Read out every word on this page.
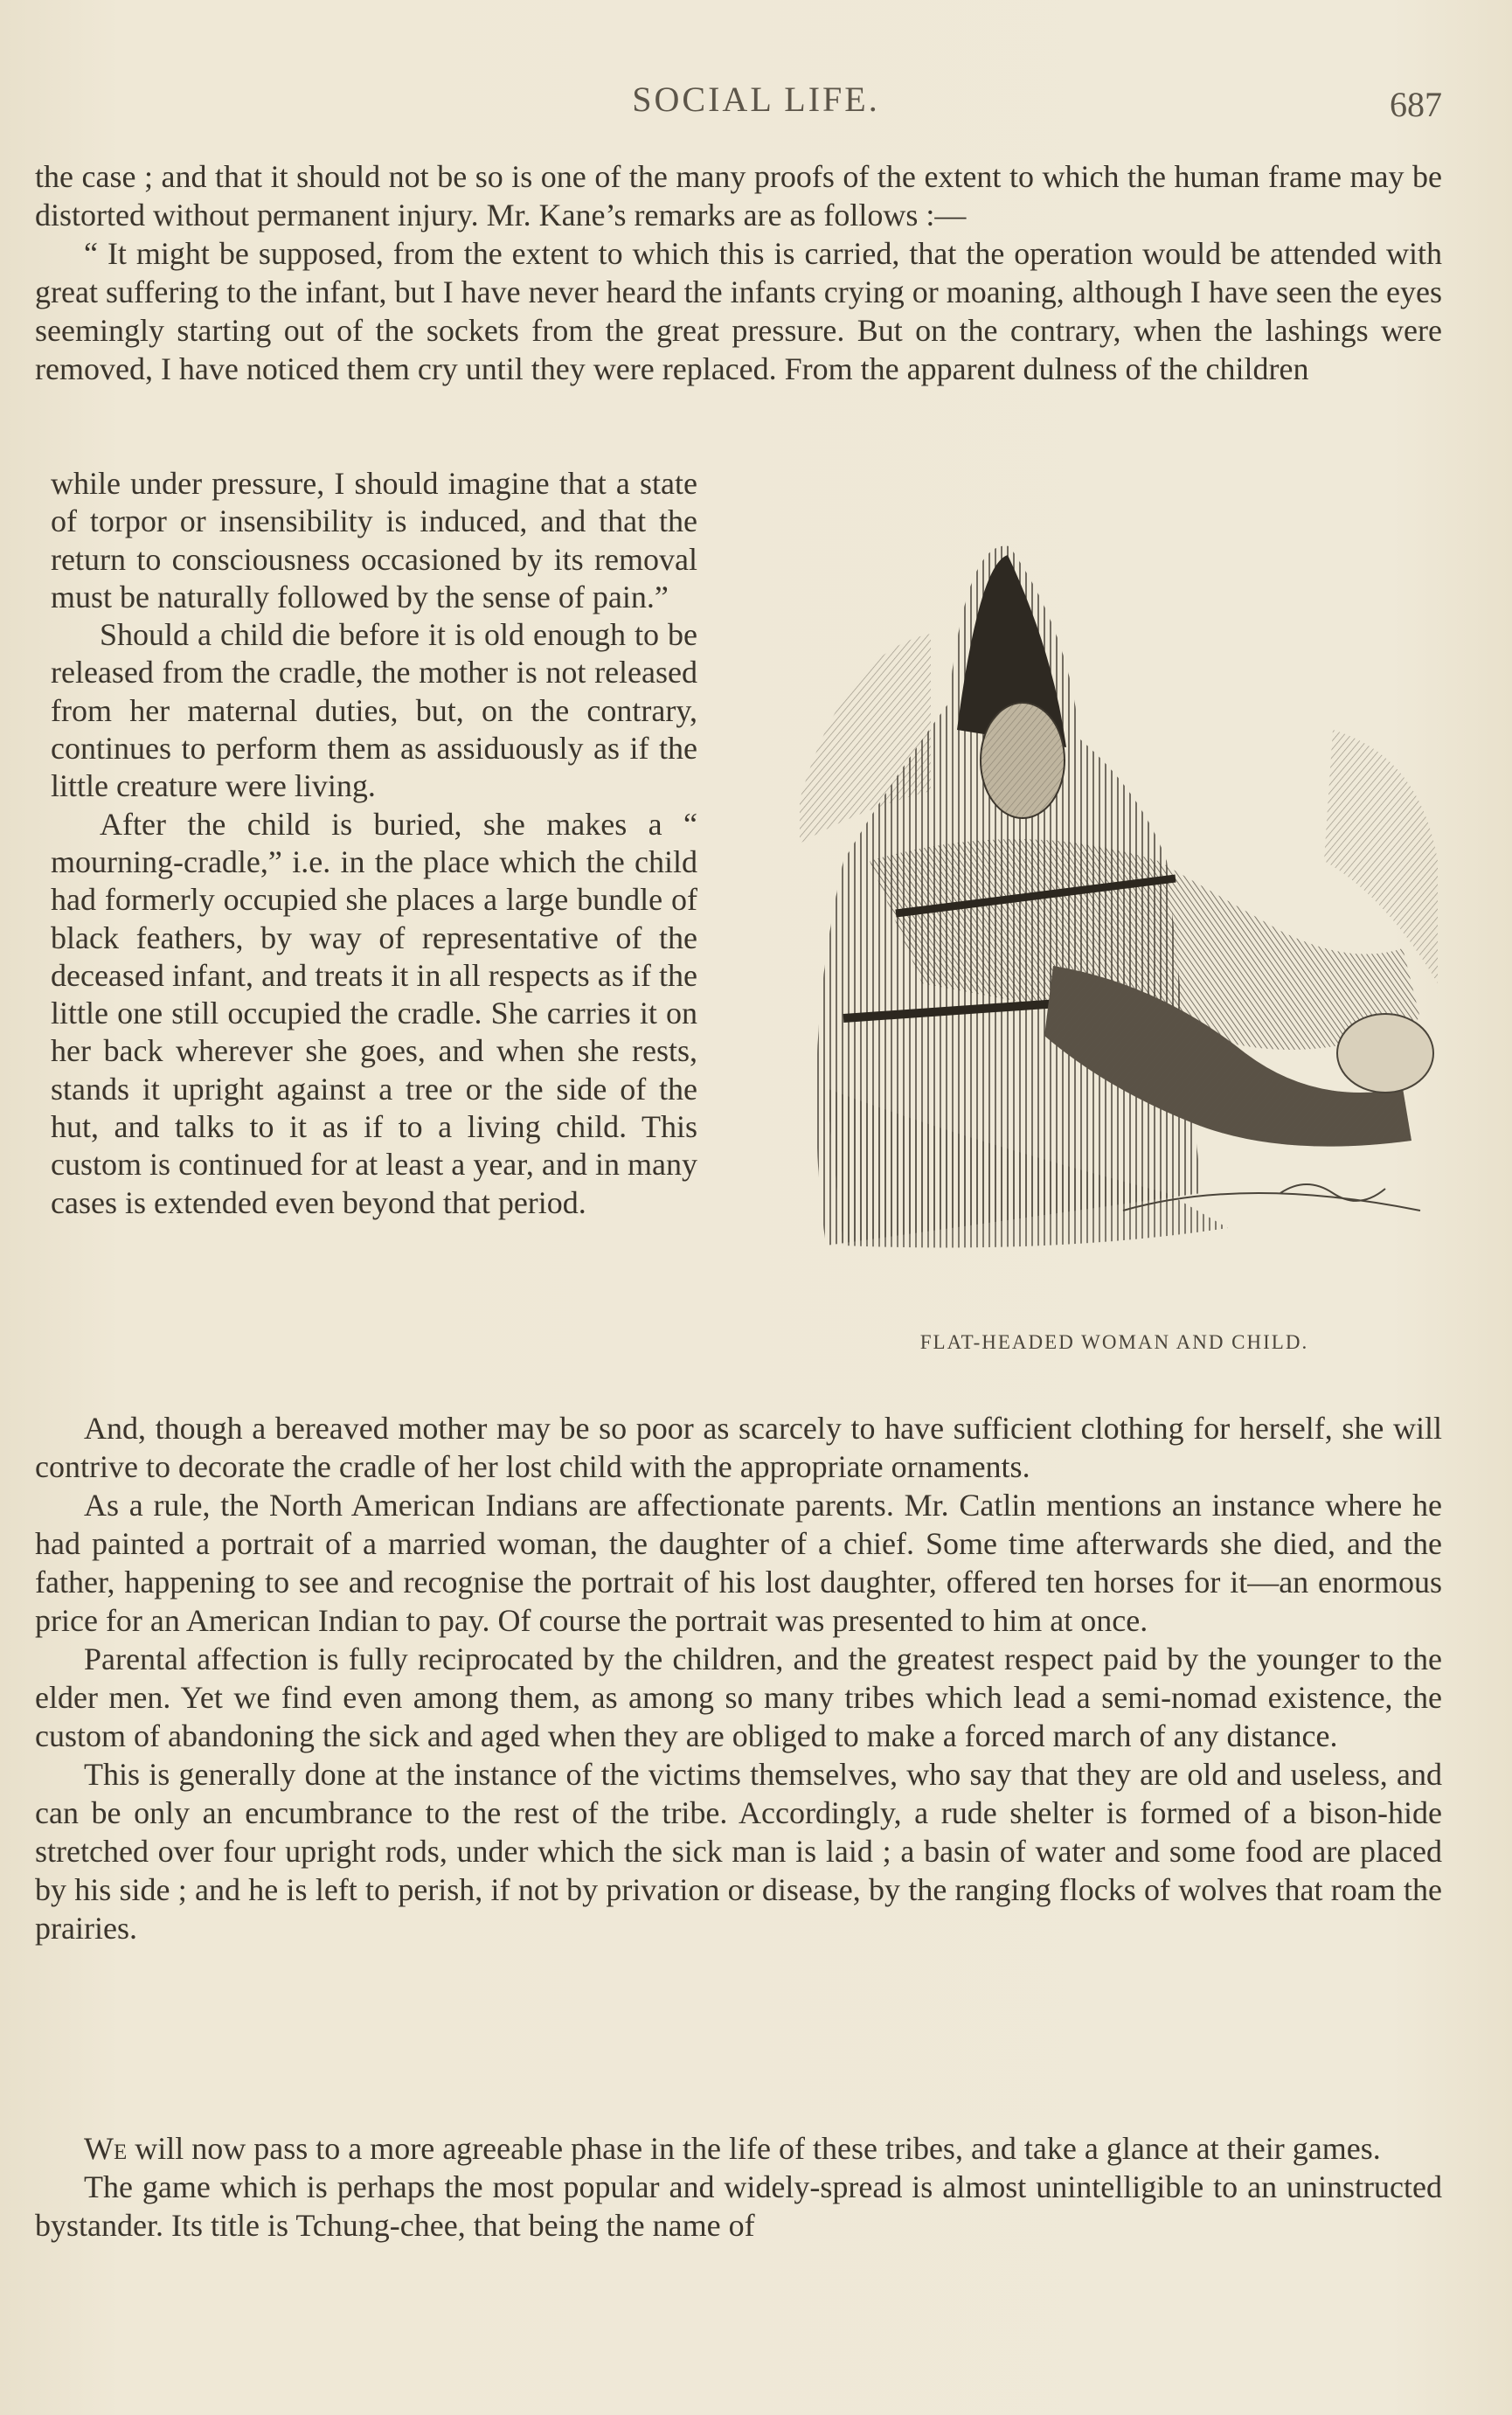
SOCIAL LIFE.	687

the case ; and that it should not be so is one of the many proofs of the extent to which the human frame may be distorted without permanent injury. Mr. Kane’s remarks are as follows :—

“ It might be supposed, from the extent to which this is carried, that the operation would be attended with great suffering to the infant, but I have never heard the infants crying or moaning, although I have seen the eyes seemingly starting out of the sockets from the great pressure. But on the contrary, when the lashings were removed, I have noticed them cry until they were replaced. From the apparent dulness of the children

while under pressure, I should imagine that a state of torpor or insensibility is induced, and that the return to consciousness occasioned by its removal must be naturally followed by the sense of pain.”

Should a child die before it is old enough to be released from the cradle, the mother is not released from her maternal duties, but, on the contrary, continues to perform them as assiduously as if the little creature were living.

After the child is buried, she makes a “ mourning-cradle,” i.e. in the place which the child had formerly occupied she places a large bundle of black feathers, by way of representative of the deceased infant, and treats it in all respects as if the little one still occupied the cradle. She carries it on her back wherever she goes, and when she rests, stands it upright against a tree or the side of the hut, and talks to it as if to a living child. This custom is continued for at least a year, and in many cases is extended even beyond that period.

FLAT-HEADED WOMAN AND CHILD.

And, though a bereaved mother may be so poor as scarcely to have sufficient clothing for herself, she will contrive to decorate the cradle of her lost child with the appropriate ornaments.

As a rule, the North American Indians are affectionate parents. Mr. Catlin mentions an instance where he had painted a portrait of a married woman, the daughter of a chief. Some time afterwards she died, and the father, happening to see and recognise the portrait of his lost daughter, offered ten horses for it—an enormous price for an American Indian to pay. Of course the portrait was presented to him at once.

Parental affection is fully reciprocated by the children, and the greatest respect paid by the younger to the elder men. Yet we find even among them, as among so many tribes which lead a semi-nomad existence, the custom of abandoning the sick and aged when they are obliged to make a forced march of any distance.

This is generally done at the instance of the victims themselves, who say that they are old and useless, and can be only an encumbrance to the rest of the tribe. Accordingly, a rude shelter is formed of a bison-hide stretched over four upright rods, under which the sick man is laid ; a basin of water and some food are placed by his side ; and he is left to perish, if not by privation or disease, by the ranging flocks of wolves that roam the prairies.

We will now pass to a more agreeable phase in the life of these tribes, and take a glance at their games.

The game which is perhaps the most popular and widely-spread is almost unintelligible to an uninstructed bystander. Its title is Tchung-chee, that being the name of
